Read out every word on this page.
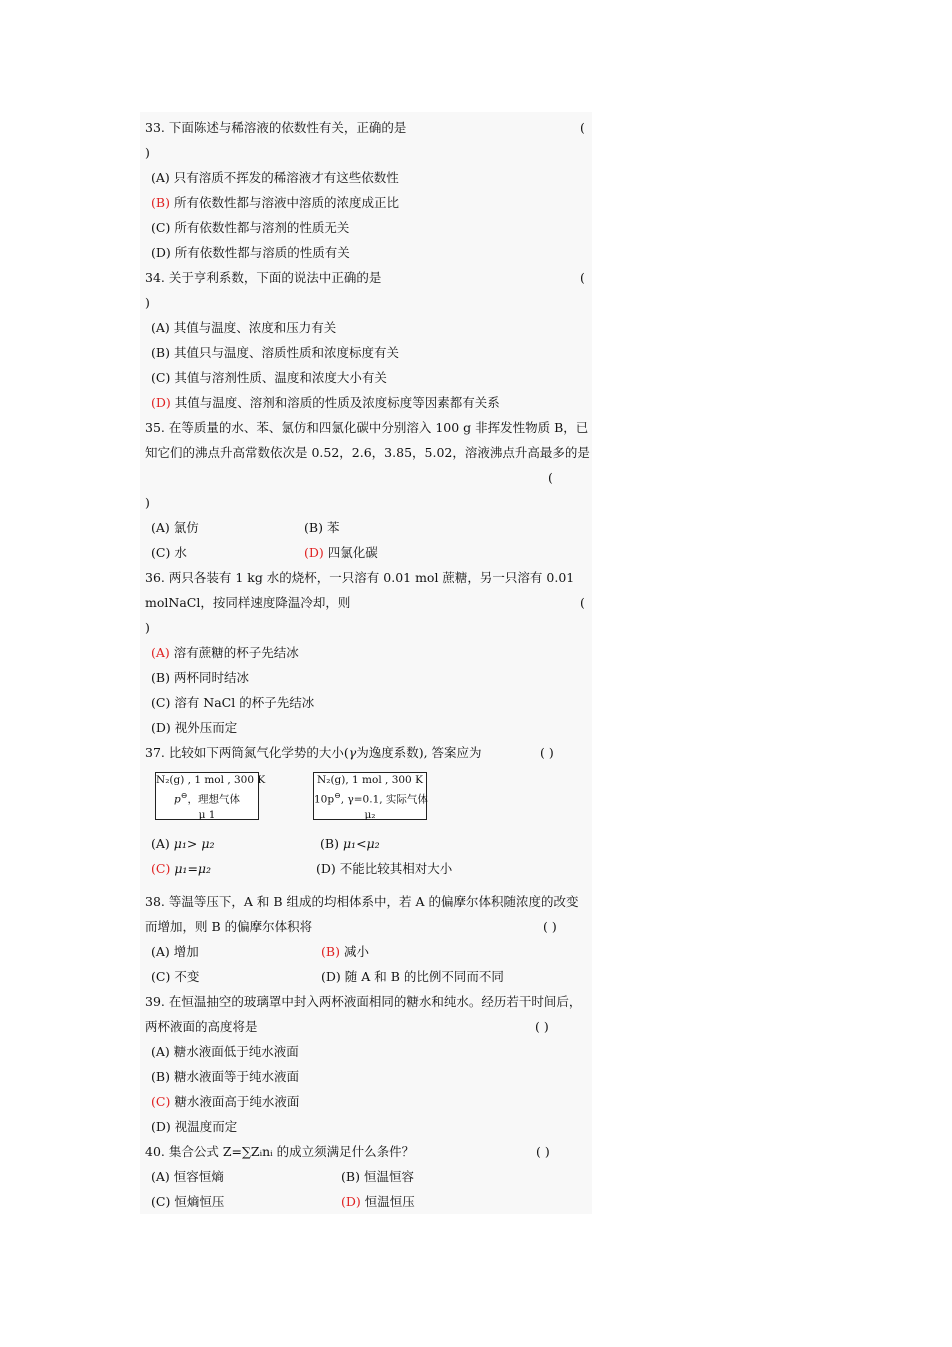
33. 下面陈述与稀溶液的依数性有关，正确的是	(
)
(A) 只有溶质不挥发的稀溶液才有这些依数性
(B) 所有依数性都与溶液中溶质的浓度成正比
(C) 所有依数性都与溶剂的性质无关
(D) 所有依数性都与溶质的性质有关
34. 关于亨利系数，下面的说法中正确的是	(
)
(A) 其值与温度、浓度和压力有关
(B) 其值只与温度、溶质性质和浓度标度有关
(C) 其值与溶剂性质、温度和浓度大小有关
(D) 其值与温度、溶剂和溶质的性质及浓度标度等因素都有关系
35. 在等质量的水、苯、氯仿和四氯化碳中分别溶入 100 g 非挥发性物质 B，已
知它们的沸点升高常数依次是 0.52，2.6，3.85，5.02，溶液沸点升高最多的是
(
)
(A) 氯仿	(B) 苯
(C) 水	(D) 四氯化碳
36. 两只各装有 1 kg 水的烧杯，一只溶有 0.01 mol 蔗糖，另一只溶有 0.01
molNaCl，按同样速度降温冷却，则	(
)
(A) 溶有蔗糖的杯子先结冰
(B) 两杯同时结冰
(C) 溶有 NaCl 的杯子先结冰
(D) 视外压而定
37. 比较如下两筒氮气化学势的大小(γ为逸度系数), 答案应为	( )
N₂(g) , 1 mol , 300 K
p⊖，理想气体
μ 1
N₂(g), 1 mol , 300 K
10p⊖, γ=0.1, 实际气体
μ₂
(A) μ₁> μ₂	(B) μ₁<μ₂
(C) μ₁=μ₂	(D) 不能比较其相对大小
38. 等温等压下，A 和 B 组成的均相体系中，若 A 的偏摩尔体积随浓度的改变
而增加，则 B 的偏摩尔体积将	( )
(A) 增加	(B) 减小
(C) 不变	(D) 随 A 和 B 的比例不同而不同
39. 在恒温抽空的玻璃罩中封入两杯液面相同的糖水和纯水。经历若干时间后，
两杯液面的高度将是	( )
(A) 糖水液面低于纯水液面
(B) 糖水液面等于纯水液面
(C) 糖水液面高于纯水液面
(D) 视温度而定
40. 集合公式 Z=∑Zᵢnᵢ 的成立须满足什么条件？	( )
(A) 恒容恒熵	(B) 恒温恒容
(C) 恒熵恒压	(D) 恒温恒压
